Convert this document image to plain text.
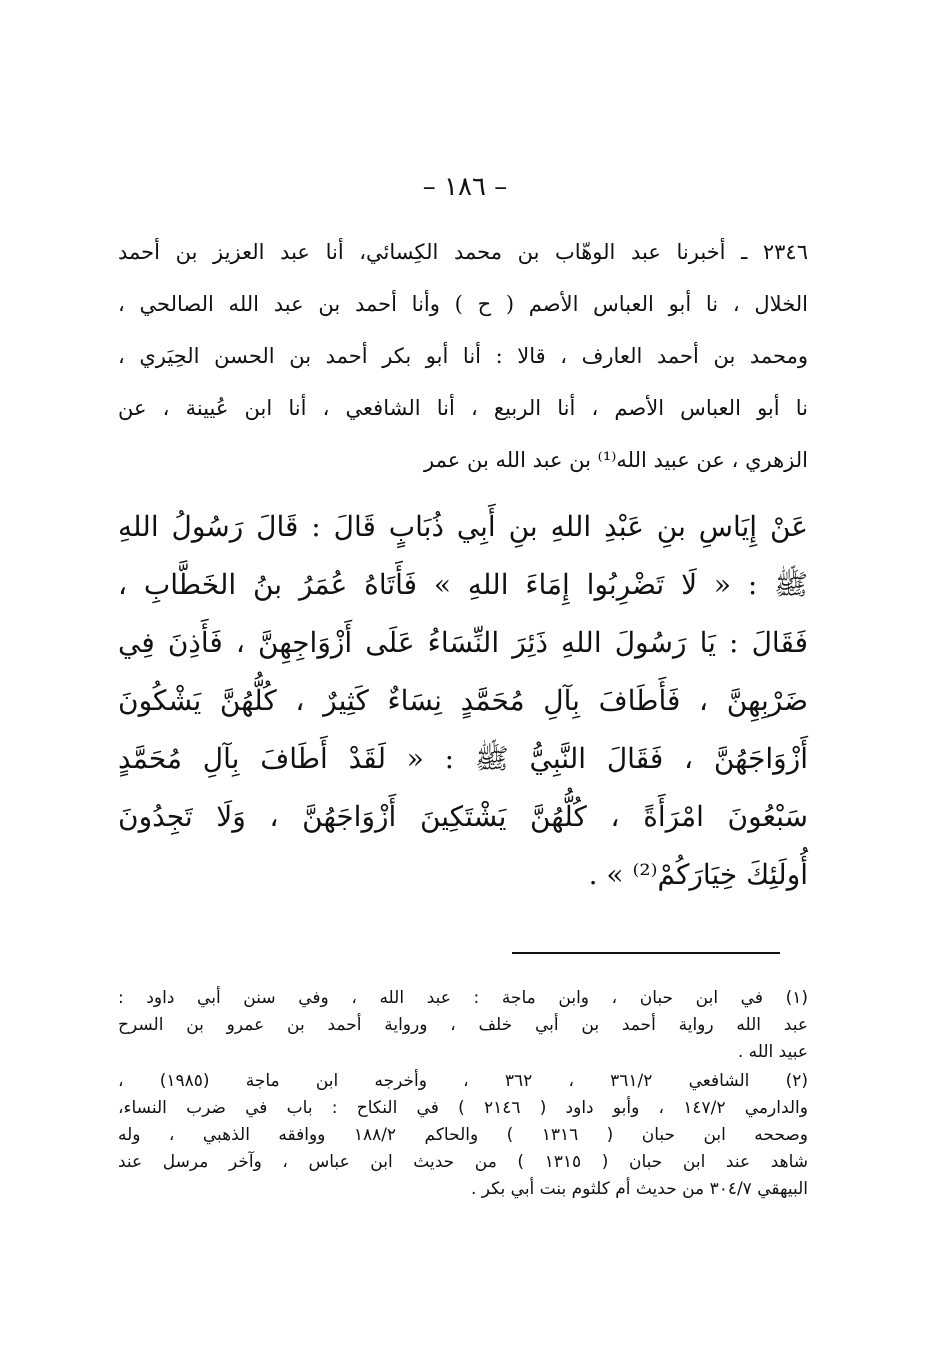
– ١٨٦ –
٢٣٤٦ ـ أخبرنا عبد الوهّاب بن محمد الكِسائي، أنا عبد العزيز بن أحمد
الخلال ، نا أبو العباس الأصم ( ح ) وأنا أحمد بن عبد الله الصالحي ،
ومحمد بن أحمد العارف ، قالا : أنا أبو بكر أحمد بن الحسن الحِيَري ،
نا أبو العباس الأصم ، أنا الربيع ، أنا الشافعي ، أنا ابن عُيينة ، عن
الزهري ، عن عبيد الله⁽¹⁾ بن عبد الله بن عمر
عَنْ إِيَاسِ بنِ عَبْدِ اللهِ بنِ أَبِي ذُبَابٍ قَالَ : قَالَ رَسُولُ اللهِ
ﷺ : « لَا تَضْرِبُوا إِمَاءَ اللهِ » فَأَتَاهُ عُمَرُ بنُ الخَطَّابِ ،
فَقَالَ : يَا رَسُولَ اللهِ ذَئِرَ النِّسَاءُ عَلَى أَزْوَاجِهِنَّ ، فَأَذِنَ فِي
ضَرْبِهِنَّ ، فَأَطَافَ بِآلِ مُحَمَّدٍ نِسَاءٌ كَثِيرٌ ، كُلُّهُنَّ يَشْكُونَ
أَزْوَاجَهُنَّ ، فَقَالَ النَّبِيُّ ﷺ : « لَقَدْ أَطَافَ بِآلِ مُحَمَّدٍ
سَبْعُونَ امْرَأَةً ، كُلُّهُنَّ يَشْتَكِينَ أَزْوَاجَهُنَّ ، وَلَا تَجِدُونَ
أُولَئِكَ خِيَارَكُمْ⁽²⁾ » .
(١) في ابن حبان ، وابن ماجة : عبد الله ، وفي سنن أبي داود :
عبد الله رواية أحمد بن أبي خلف ، ورواية أحمد بن عمرو بن السرح
عبيد الله .
(٢) الشافعي ٣٦١/٢ ، ٣٦٢ ، وأخرجه ابن ماجة (١٩٨٥) ،
والدارمي ١٤٧/٢ ، وأبو داود ( ٢١٤٦ ) في النكاح : باب في ضرب النساء،
وصححه ابن حبان ( ١٣١٦ ) والحاكم ١٨٨/٢ ووافقه الذهبي ، وله
شاهد عند ابن حبان ( ١٣١٥ ) من حديث ابن عباس ، وآخر مرسل عند
البيهقي ٣٠٤/٧ من حديث أم كلثوم بنت أبي بكر .
